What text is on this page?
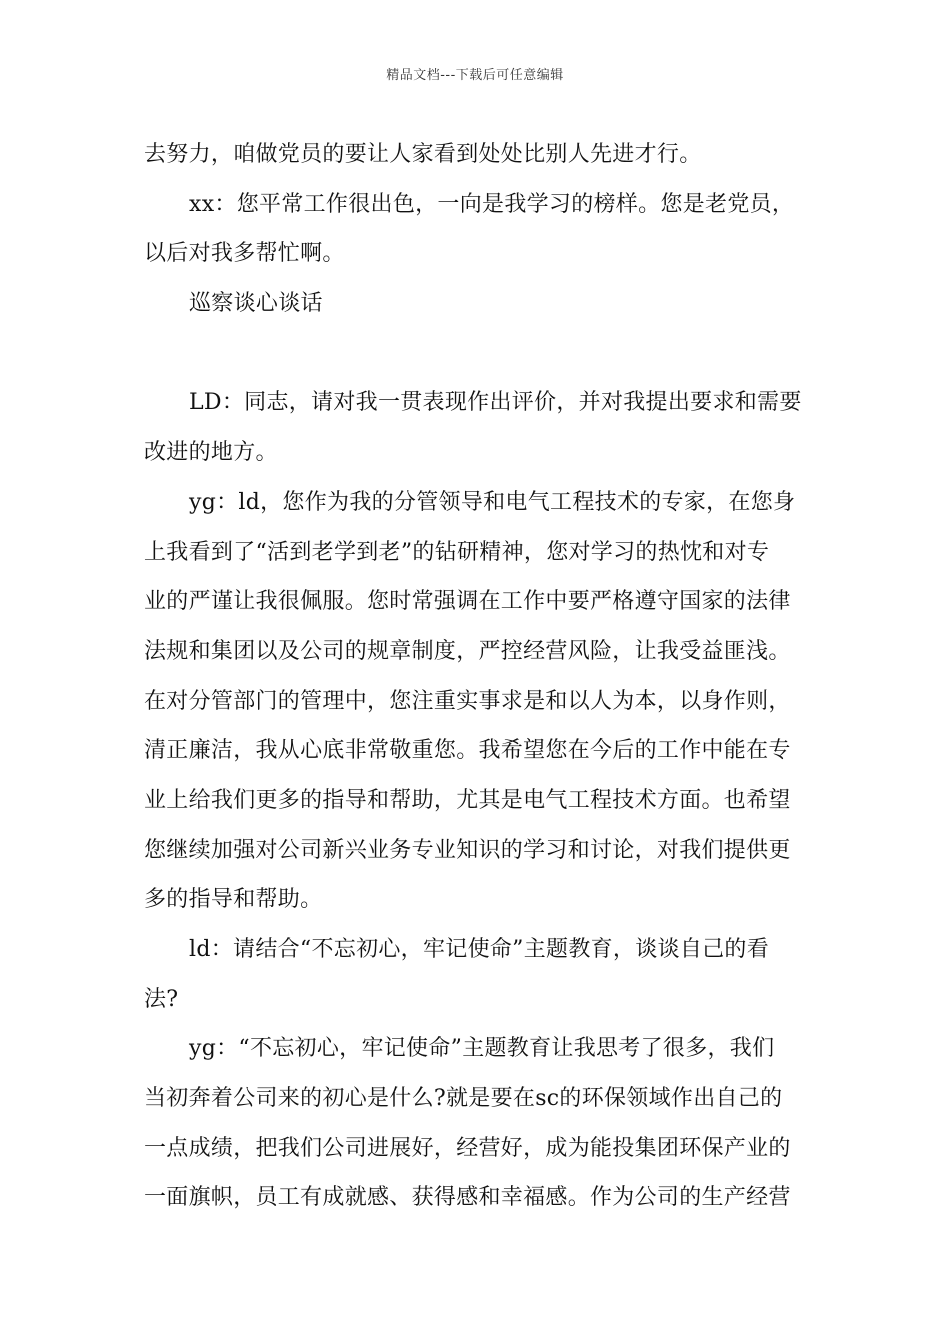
精品文档---下载后可任意编辑
去努力，咱做党员的要让人家看到处处比别人先进才行。
xx：您平常工作很出色，一向是我学习的榜样。您是老党员，
以后对我多帮忙啊。
巡察谈心谈话
LD：同志，请对我一贯表现作出评价，并对我提出要求和需要
改进的地方。
yg：ld，您作为我的分管领导和电气工程技术的专家，在您身
上我看到了“活到老学到老”的钻研精神，您对学习的热忱和对专
业的严谨让我很佩服。您时常强调在工作中要严格遵守国家的法律
法规和集团以及公司的规章制度，严控经营风险，让我受益匪浅。
在对分管部门的管理中，您注重实事求是和以人为本，以身作则，
清正廉洁，我从心底非常敬重您。我希望您在今后的工作中能在专
业上给我们更多的指导和帮助，尤其是电气工程技术方面。也希望
您继续加强对公司新兴业务专业知识的学习和讨论，对我们提供更
多的指导和帮助。
ld：请结合“不忘初心，牢记使命”主题教育，谈谈自己的看
法?
yg：“不忘初心，牢记使命”主题教育让我思考了很多，我们
当初奔着公司来的初心是什么?就是要在sc的环保领域作出自己的
一点成绩，把我们公司进展好，经营好，成为能投集团环保产业的
一面旗帜，员工有成就感、获得感和幸福感。作为公司的生产经营
